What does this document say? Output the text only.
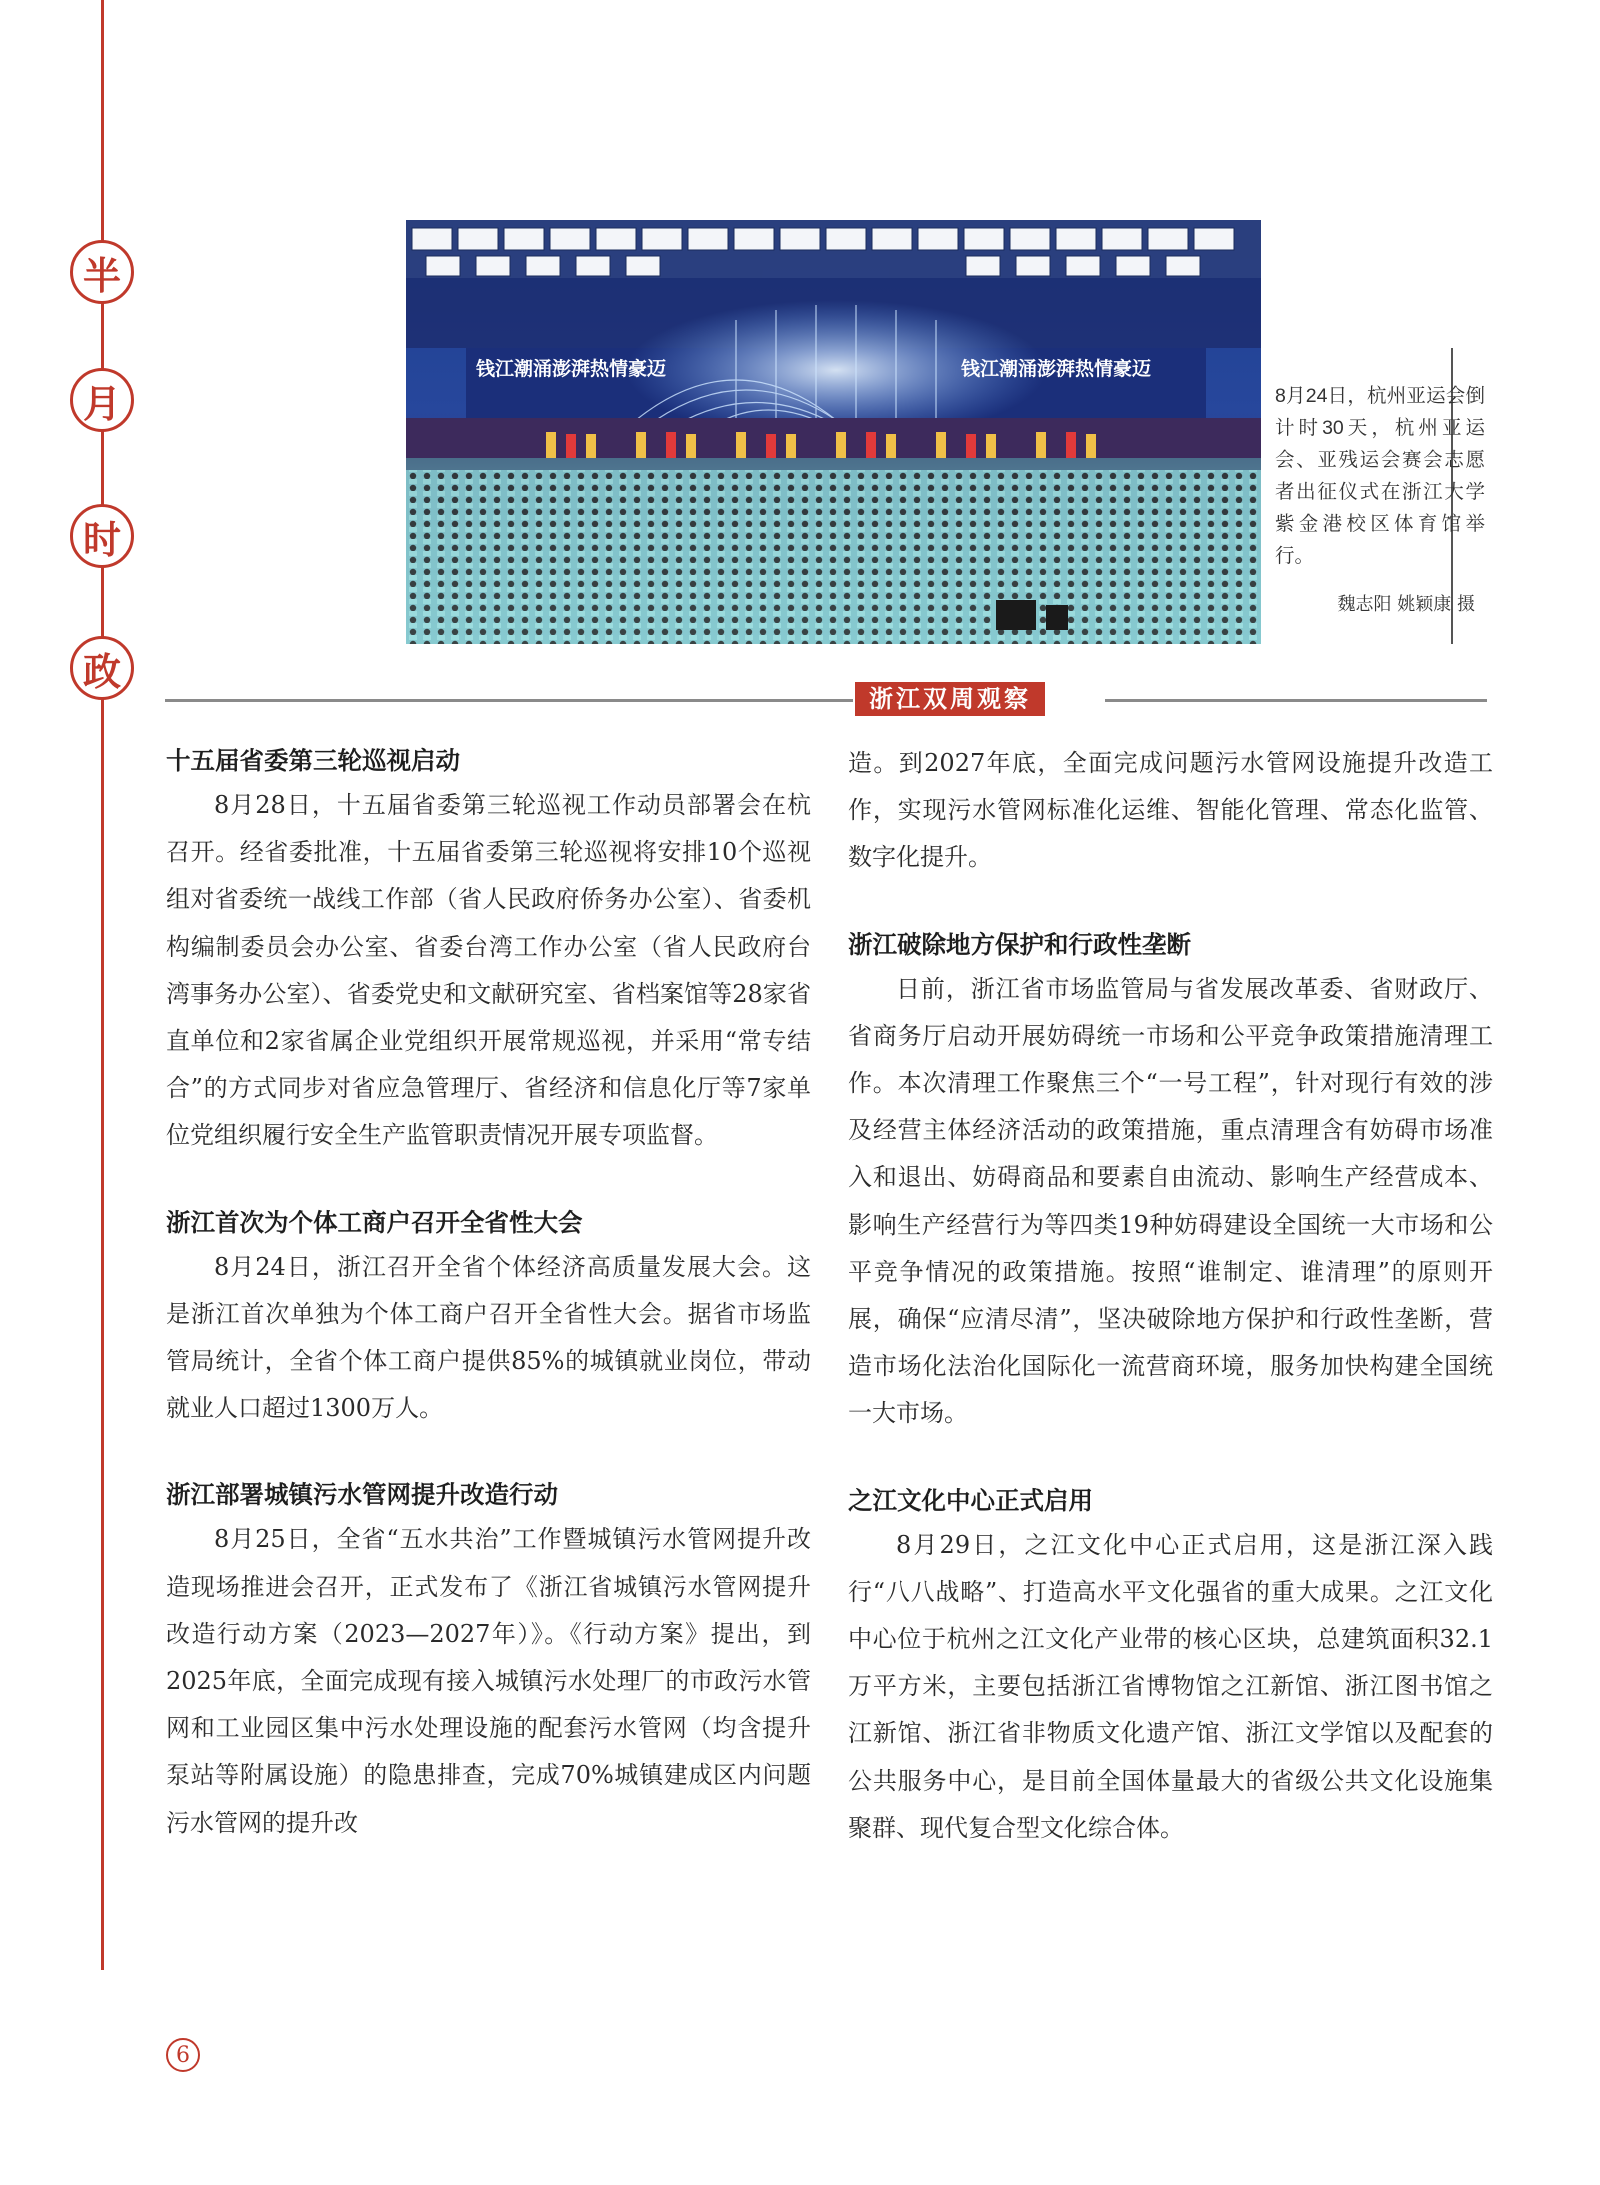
半
月
时
政
钱江潮涌澎湃热情豪迈	钱江潮涌澎湃热情豪迈
8月24日，杭州亚运会倒计时30天，杭州亚运会、亚残运会赛会志愿者出征仪式在浙江大学紫金港校区体育馆举行。
魏志阳 姚颖康 摄
浙江双周观察
十五届省委第三轮巡视启动

8月28日，十五届省委第三轮巡视工作动员部署会在杭召开。经省委批准，十五届省委第三轮巡视将安排10个巡视组对省委统一战线工作部（省人民政府侨务办公室）、省委机构编制委员会办公室、省委台湾工作办公室（省人民政府台湾事务办公室）、省委党史和文献研究室、省档案馆等28家省直单位和2家省属企业党组织开展常规巡视，并采用“常专结合”的方式同步对省应急管理厅、省经济和信息化厅等7家单位党组织履行安全生产监管职责情况开展专项监督。

浙江首次为个体工商户召开全省性大会

8月24日，浙江召开全省个体经济高质量发展大会。这是浙江首次单独为个体工商户召开全省性大会。据省市场监管局统计，全省个体工商户提供85%的城镇就业岗位，带动就业人口超过1300万人。

浙江部署城镇污水管网提升改造行动

8月25日，全省“五水共治”工作暨城镇污水管网提升改造现场推进会召开，正式发布了《浙江省城镇污水管网提升改造行动方案（2023—2027年）》。《行动方案》提出，到2025年底，全面完成现有接入城镇污水处理厂的市政污水管网和工业园区集中污水处理设施的配套污水管网（均含提升泵站等附属设施）的隐患排查，完成70%城镇建成区内问题污水管网的提升改

造。到2027年底，全面完成问题污水管网设施提升改造工作，实现污水管网标准化运维、智能化管理、常态化监管、数字化提升。

浙江破除地方保护和行政性垄断

日前，浙江省市场监管局与省发展改革委、省财政厅、省商务厅启动开展妨碍统一市场和公平竞争政策措施清理工作。本次清理工作聚焦三个“一号工程”，针对现行有效的涉及经营主体经济活动的政策措施，重点清理含有妨碍市场准入和退出、妨碍商品和要素自由流动、影响生产经营成本、影响生产经营行为等四类19种妨碍建设全国统一大市场和公平竞争情况的政策措施。按照“谁制定、谁清理”的原则开展，确保“应清尽清”，坚决破除地方保护和行政性垄断，营造市场化法治化国际化一流营商环境，服务加快构建全国统一大市场。

之江文化中心正式启用

8月29日，之江文化中心正式启用，这是浙江深入践行“八八战略”、打造高水平文化强省的重大成果。之江文化中心位于杭州之江文化产业带的核心区块，总建筑面积32.1万平方米，主要包括浙江省博物馆之江新馆、浙江图书馆之江新馆、浙江省非物质文化遗产馆、浙江文学馆以及配套的公共服务中心，是目前全国体量最大的省级公共文化设施集聚群、现代复合型文化综合体。

6
